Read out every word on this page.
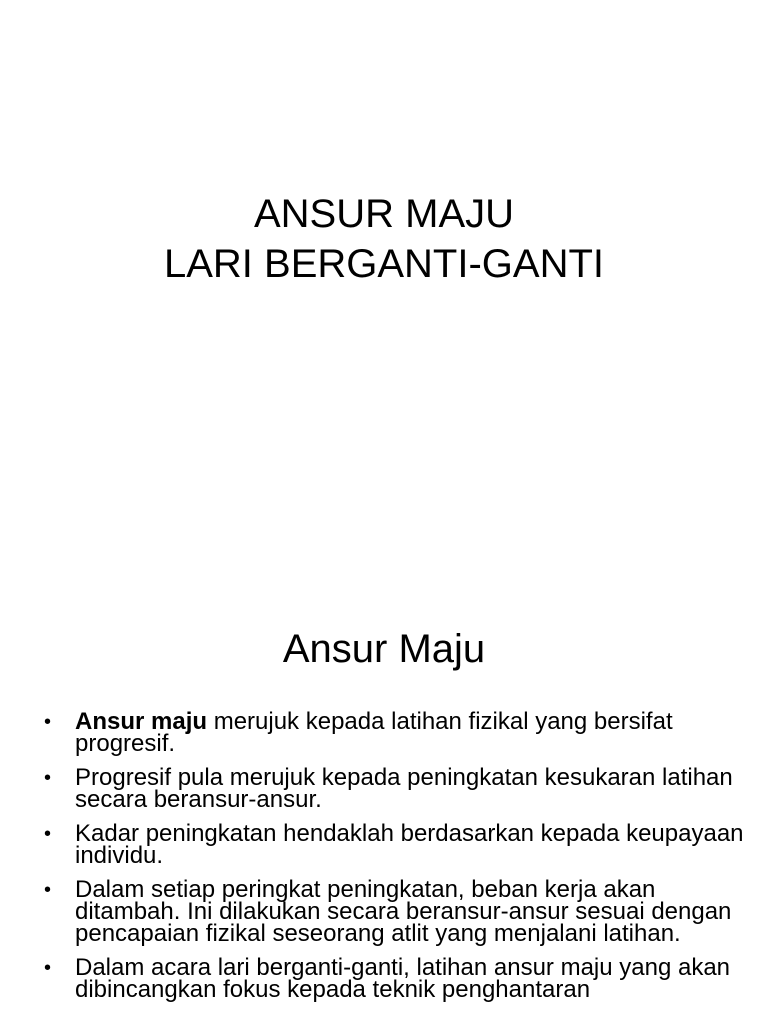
ANSUR MAJU
LARI BERGANTI-GANTI
Ansur Maju
• Ansur maju merujuk kepada latihan fizikal yang bersifat progresif.
• Progresif pula merujuk kepada peningkatan kesukaran latihan secara beransur-ansur.
• Kadar peningkatan hendaklah berdasarkan kepada keupayaan individu.
• Dalam setiap peringkat peningkatan, beban kerja akan ditambah. Ini dilakukan secara beransur-ansur sesuai dengan pencapaian fizikal seseorang atlit yang menjalani latihan.
• Dalam acara lari berganti-ganti, latihan ansur maju yang akan dibincangkan fokus kepada teknik penghantaran
